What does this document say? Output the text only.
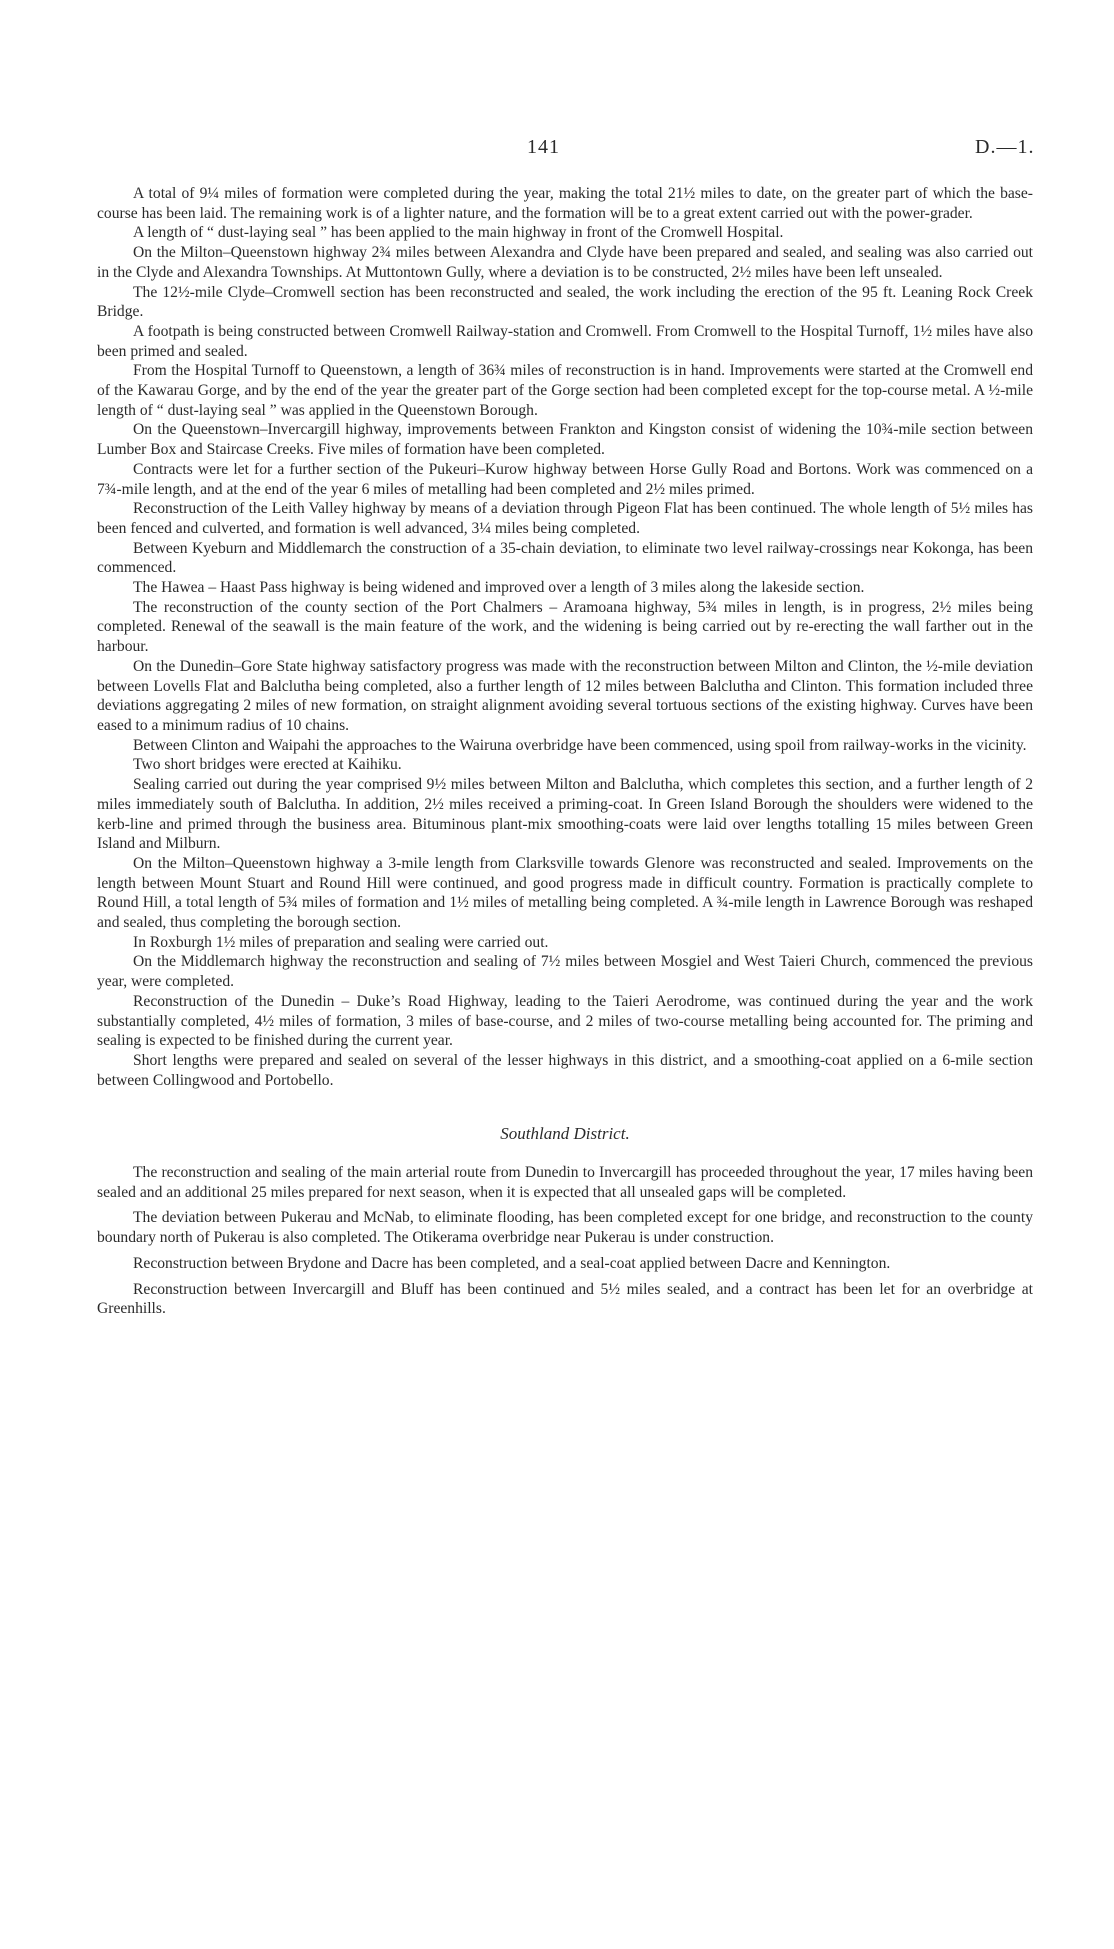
141	D.—1.

A total of 9¼ miles of formation were completed during the year, making the total 21½ miles to date, on the greater part of which the base-course has been laid. The remaining work is of a lighter nature, and the formation will be to a great extent carried out with the power-grader.

A length of “ dust-laying seal ” has been applied to the main highway in front of the Cromwell Hospital.

On the Milton–Queenstown highway 2¾ miles between Alexandra and Clyde have been prepared and sealed, and sealing was also carried out in the Clyde and Alexandra Townships. At Muttontown Gully, where a deviation is to be constructed, 2½ miles have been left unsealed.

The 12½-mile Clyde–Cromwell section has been reconstructed and sealed, the work including the erection of the 95 ft. Leaning Rock Creek Bridge.

A footpath is being constructed between Cromwell Railway-station and Cromwell. From Cromwell to the Hospital Turnoff, 1½ miles have also been primed and sealed.

From the Hospital Turnoff to Queenstown, a length of 36¾ miles of reconstruction is in hand. Improvements were started at the Cromwell end of the Kawarau Gorge, and by the end of the year the greater part of the Gorge section had been completed except for the top-course metal. A ½-mile length of “ dust-laying seal ” was applied in the Queenstown Borough.

On the Queenstown–Invercargill highway, improvements between Frankton and Kingston consist of widening the 10¾-mile section between Lumber Box and Staircase Creeks. Five miles of formation have been completed.

Contracts were let for a further section of the Pukeuri–Kurow highway between Horse Gully Road and Bortons. Work was commenced on a 7¾-mile length, and at the end of the year 6 miles of metalling had been completed and 2½ miles primed.

Reconstruction of the Leith Valley highway by means of a deviation through Pigeon Flat has been continued. The whole length of 5½ miles has been fenced and culverted, and formation is well advanced, 3¼ miles being completed.

Between Kyeburn and Middlemarch the construction of a 35-chain deviation, to eliminate two level railway-crossings near Kokonga, has been commenced.

The Hawea – Haast Pass highway is being widened and improved over a length of 3 miles along the lakeside section.

The reconstruction of the county section of the Port Chalmers – Aramoana highway, 5¾ miles in length, is in progress, 2½ miles being completed. Renewal of the seawall is the main feature of the work, and the widening is being carried out by re-erecting the wall farther out in the harbour.

On the Dunedin–Gore State highway satisfactory progress was made with the reconstruction between Milton and Clinton, the ½-mile deviation between Lovells Flat and Balclutha being completed, also a further length of 12 miles between Balclutha and Clinton. This formation included three deviations aggregating 2 miles of new formation, on straight alignment avoiding several tortuous sections of the existing highway. Curves have been eased to a minimum radius of 10 chains.

Between Clinton and Waipahi the approaches to the Wairuna overbridge have been commenced, using spoil from railway-works in the vicinity.

Two short bridges were erected at Kaihiku.

Sealing carried out during the year comprised 9½ miles between Milton and Balclutha, which completes this section, and a further length of 2 miles immediately south of Balclutha. In addition, 2½ miles received a priming-coat. In Green Island Borough the shoulders were widened to the kerb-line and primed through the business area. Bituminous plant-mix smoothing-coats were laid over lengths totalling 15 miles between Green Island and Milburn.

On the Milton–Queenstown highway a 3-mile length from Clarksville towards Glenore was reconstructed and sealed. Improvements on the length between Mount Stuart and Round Hill were continued, and good progress made in difficult country. Formation is practically complete to Round Hill, a total length of 5¾ miles of formation and 1½ miles of metalling being completed. A ¾-mile length in Lawrence Borough was reshaped and sealed, thus completing the borough section.

In Roxburgh 1½ miles of preparation and sealing were carried out.

On the Middlemarch highway the reconstruction and sealing of 7½ miles between Mosgiel and West Taieri Church, commenced the previous year, were completed.

Reconstruction of the Dunedin – Duke’s Road Highway, leading to the Taieri Aerodrome, was continued during the year and the work substantially completed, 4½ miles of formation, 3 miles of base-course, and 2 miles of two-course metalling being accounted for. The priming and sealing is expected to be finished during the current year.

Short lengths were prepared and sealed on several of the lesser highways in this district, and a smoothing-coat applied on a 6-mile section between Collingwood and Portobello.

Southland District.

The reconstruction and sealing of the main arterial route from Dunedin to Invercargill has proceeded throughout the year, 17 miles having been sealed and an additional 25 miles prepared for next season, when it is expected that all unsealed gaps will be completed.

The deviation between Pukerau and McNab, to eliminate flooding, has been completed except for one bridge, and reconstruction to the county boundary north of Pukerau is also completed. The Otikerama overbridge near Pukerau is under construction.

Reconstruction between Brydone and Dacre has been completed, and a seal-coat applied between Dacre and Kennington.

Reconstruction between Invercargill and Bluff has been continued and 5½ miles sealed, and a contract has been let for an overbridge at Greenhills.
